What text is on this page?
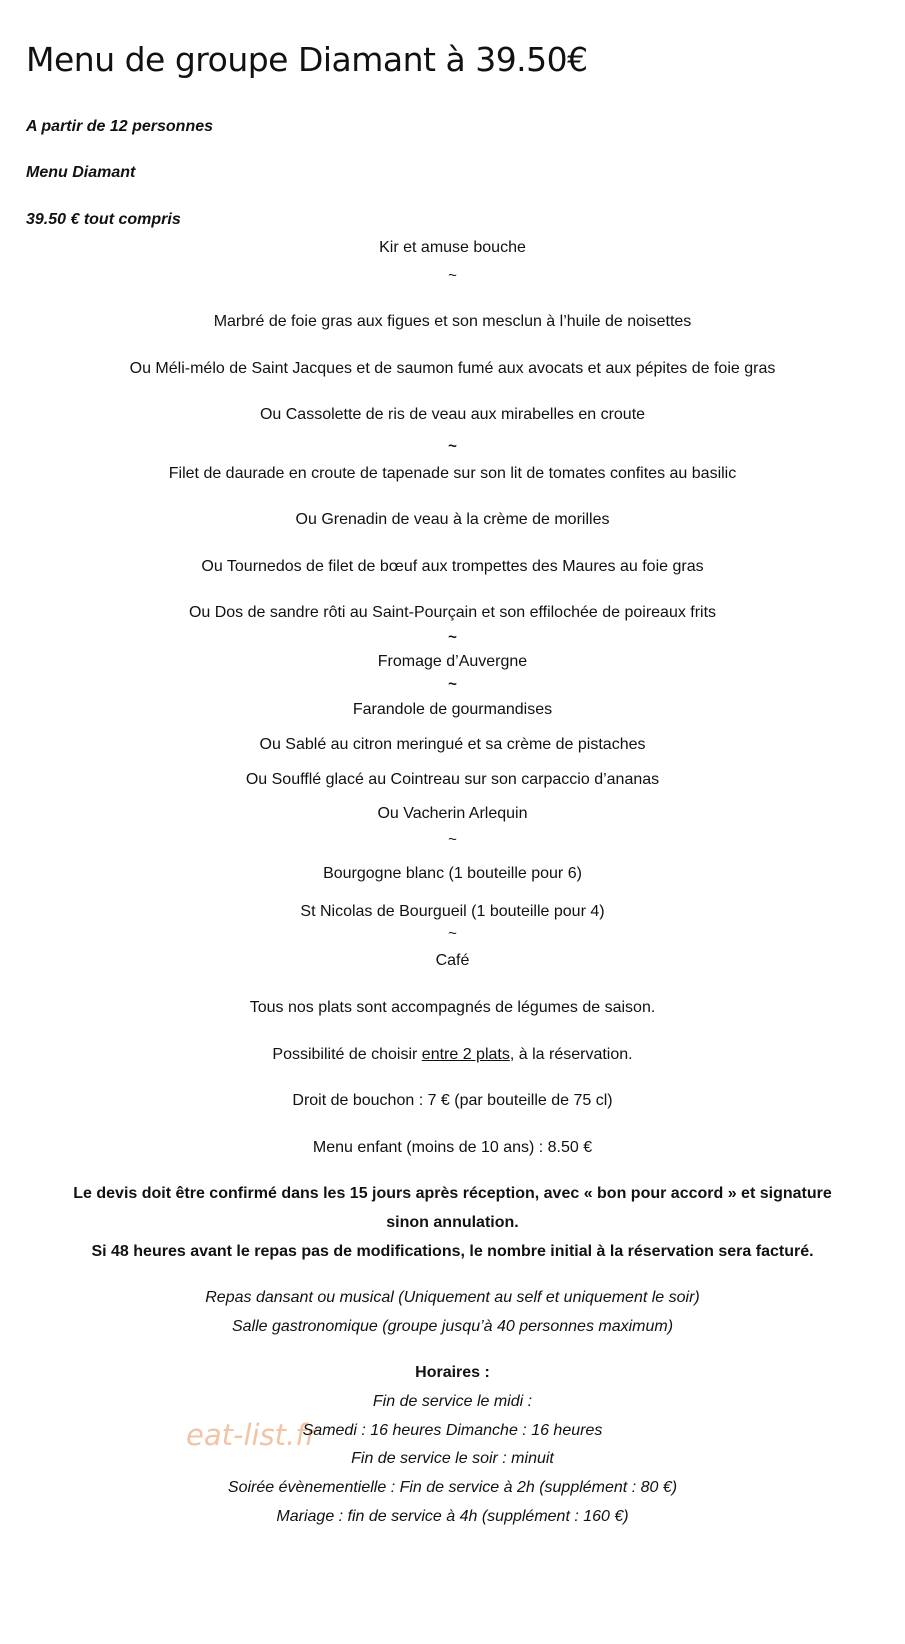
Menu de groupe Diamant à 39.50€
A partir de 12 personnes
Menu Diamant
39.50 € tout compris
Kir et amuse bouche
~
Marbré de foie gras aux figues et son mesclun à l’huile de noisettes
Ou Méli-mélo de Saint Jacques et de saumon fumé aux avocats et aux pépites de foie gras
Ou Cassolette de ris de veau aux mirabelles en croute
~
Filet de daurade en croute de tapenade sur son lit de tomates confites au basilic
Ou Grenadin de veau à la crème de morilles
Ou Tournedos de filet de bœuf aux trompettes des Maures au foie gras
Ou Dos de sandre rôti au Saint-Pourçain et son effilochée de poireaux frits
~
Fromage d’Auvergne
~
Farandole de gourmandises
Ou Sablé au citron meringué et sa crème de pistaches
Ou Soufflé glacé au Cointreau sur son carpaccio d’ananas
Ou Vacherin Arlequin
~
Bourgogne blanc (1 bouteille pour 6)
St Nicolas de Bourgueil (1 bouteille pour 4)
~
Café
Tous nos plats sont accompagnés de légumes de saison.
Possibilité de choisir entre 2 plats, à la réservation.
Droit de bouchon : 7 € (par bouteille de 75 cl)
Menu enfant (moins de 10 ans) : 8.50 €
Le devis doit être confirmé dans les 15 jours après réception, avec « bon pour accord » et signature
sinon annulation.
Si 48 heures avant le repas pas de modifications, le nombre initial à la réservation sera facturé.
Repas dansant ou musical (Uniquement au self et uniquement le soir)
Salle gastronomique (groupe jusqu’à 40 personnes maximum)
eat-list.fr
Horaires :
Fin de service le midi :
Samedi : 16 heures Dimanche : 16 heures
Fin de service le soir : minuit
Soirée évènementielle : Fin de service à 2h (supplément : 80 €)
Mariage : fin de service à 4h (supplément : 160 €)
